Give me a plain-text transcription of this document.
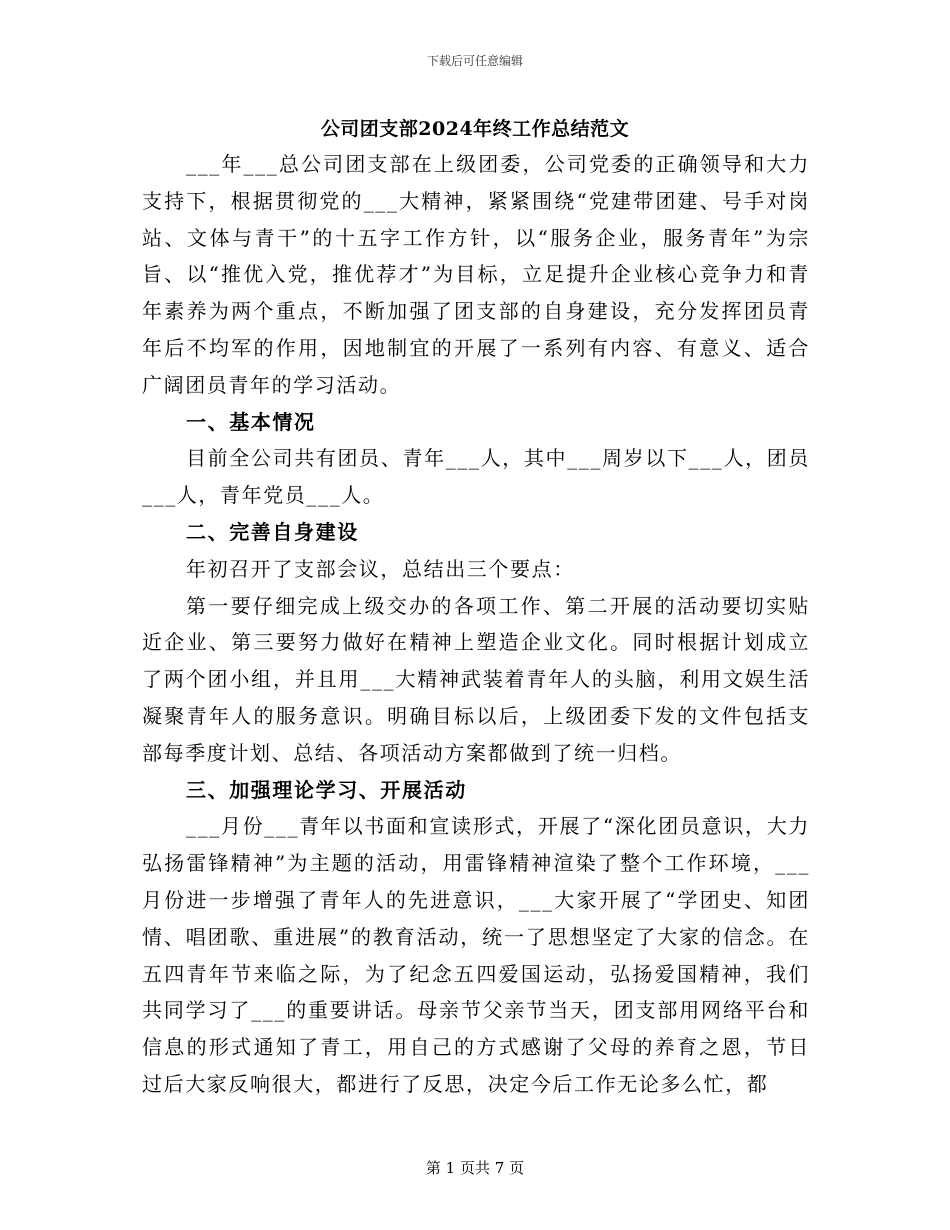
下载后可任意编辑
公司团支部2024年终工作总结范文

___年___总公司团支部在上级团委，公司党委的正确领导和大力支持下，根据贯彻党的___大精神，紧紧围绕“党建带团建、号手对岗站、文体与青干”的十五字工作方针，以“服务企业，服务青年”为宗旨、以“推优入党，推优荐才”为目标，立足提升企业核心竞争力和青年素养为两个重点，不断加强了团支部的自身建设，充分发挥团员青年后不均军的作用，因地制宜的开展了一系列有内容、有意义、适合广阔团员青年的学习活动。

一、基本情况

目前全公司共有团员、青年___人，其中___周岁以下___人，团员___人，青年党员___人。

二、完善自身建设

年初召开了支部会议，总结出三个要点：

第一要仔细完成上级交办的各项工作、第二开展的活动要切实贴近企业、第三要努力做好在精神上塑造企业文化。同时根据计划成立了两个团小组，并且用___大精神武装着青年人的头脑，利用文娱生活凝聚青年人的服务意识。明确目标以后，上级团委下发的文件包括支部每季度计划、总结、各项活动方案都做到了统一归档。

三、加强理论学习、开展活动

___月份___青年以书面和宣读形式，开展了“深化团员意识，大力弘扬雷锋精神”为主题的活动，用雷锋精神渲染了整个工作环境，___月份进一步增强了青年人的先进意识，___大家开展了“学团史、知团情、唱团歌、重进展”的教育活动，统一了思想坚定了大家的信念。在五四青年节来临之际，为了纪念五四爱国运动，弘扬爱国精神，我们共同学习了___的重要讲话。母亲节父亲节当天，团支部用网络平台和信息的形式通知了青工，用自己的方式感谢了父母的养育之恩，节日过后大家反响很大，都进行了反思，决定今后工作无论多么忙，都

第 1 页共 7 页
